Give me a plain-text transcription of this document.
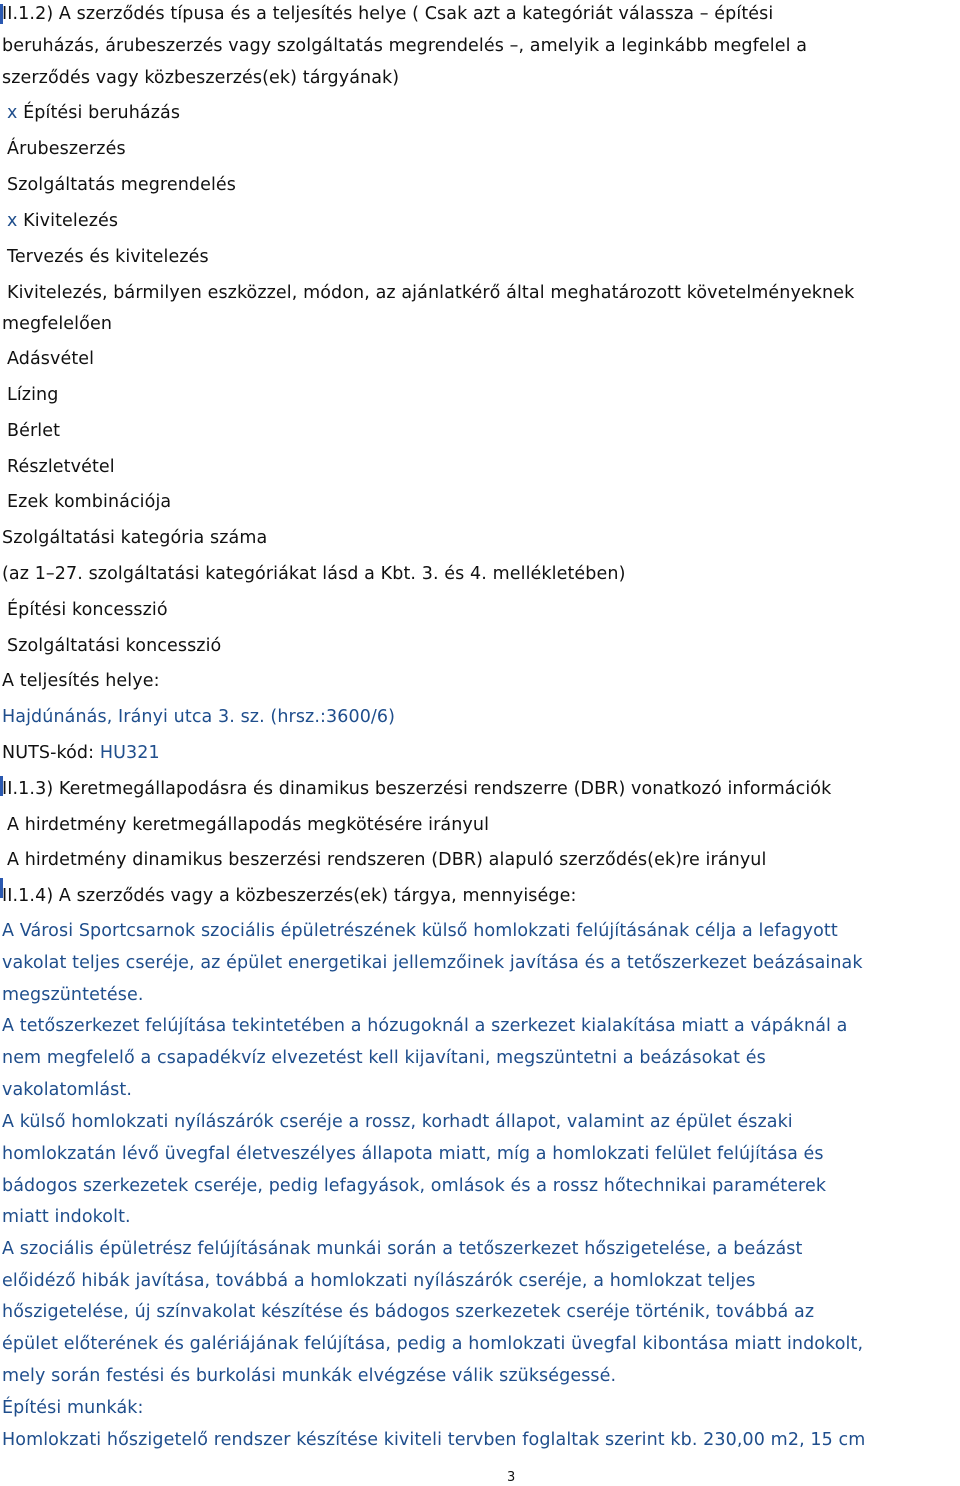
II.1.2) A szerződés típusa és a teljesítés helye ( Csak azt a kategóriát válassza – építési
beruházás, árubeszerzés vagy szolgáltatás megrendelés –, amelyik a leginkább megfelel a
szerződés vagy közbeszerzés(ek) tárgyának)
x Építési beruházás
Árubeszerzés
Szolgáltatás megrendelés
x Kivitelezés
Tervezés és kivitelezés
Kivitelezés, bármilyen eszközzel, módon, az ajánlatkérő által meghatározott követelményeknek
megfelelően
Adásvétel
Lízing
Bérlet
Részletvétel
Ezek kombinációja
Szolgáltatási kategória száma
(az 1–27. szolgáltatási kategóriákat lásd a Kbt. 3. és 4. mellékletében)
Építési koncesszió
Szolgáltatási koncesszió
A teljesítés helye:
Hajdúnánás, Irányi utca 3. sz. (hrsz.:3600/6)
NUTS-kód: HU321
II.1.3) Keretmegállapodásra és dinamikus beszerzési rendszerre (DBR) vonatkozó információk
A hirdetmény keretmegállapodás megkötésére irányul
A hirdetmény dinamikus beszerzési rendszeren (DBR) alapuló szerződés(ek)re irányul
II.1.4) A szerződés vagy a közbeszerzés(ek) tárgya, mennyisége:
A Városi Sportcsarnok szociális épületrészének külső homlokzati felújításának célja a lefagyott
vakolat teljes cseréje, az épület energetikai jellemzőinek javítása és a tetőszerkezet beázásainak
megszüntetése.
A tetőszerkezet felújítása tekintetében a hózugoknál a szerkezet kialakítása miatt a vápáknál a
nem megfelelő a csapadékvíz elvezetést kell kijavítani, megszüntetni a beázásokat és
vakolatomlást.
A külső homlokzati nyílászárók cseréje a rossz, korhadt állapot, valamint az épület északi
homlokzatán lévő üvegfal életveszélyes állapota miatt, míg a homlokzati felület felújítása és
bádogos szerkezetek cseréje, pedig lefagyások, omlások és a rossz hőtechnikai paraméterek
miatt indokolt.
A szociális épületrész felújításának munkái során a tetőszerkezet hőszigetelése, a beázást
előidéző hibák javítása, továbbá a homlokzati nyílászárók cseréje, a homlokzat teljes
hőszigetelése, új színvakolat készítése és bádogos szerkezetek cseréje történik, továbbá az
épület előterének és galériájának felújítása, pedig a homlokzati üvegfal kibontása miatt indokolt,
mely során festési és burkolási munkák elvégzése válik szükségessé.
Építési munkák:
Homlokzati hőszigetelő rendszer készítése kiviteli tervben foglaltak szerint kb. 230,00 m2, 15 cm
3
